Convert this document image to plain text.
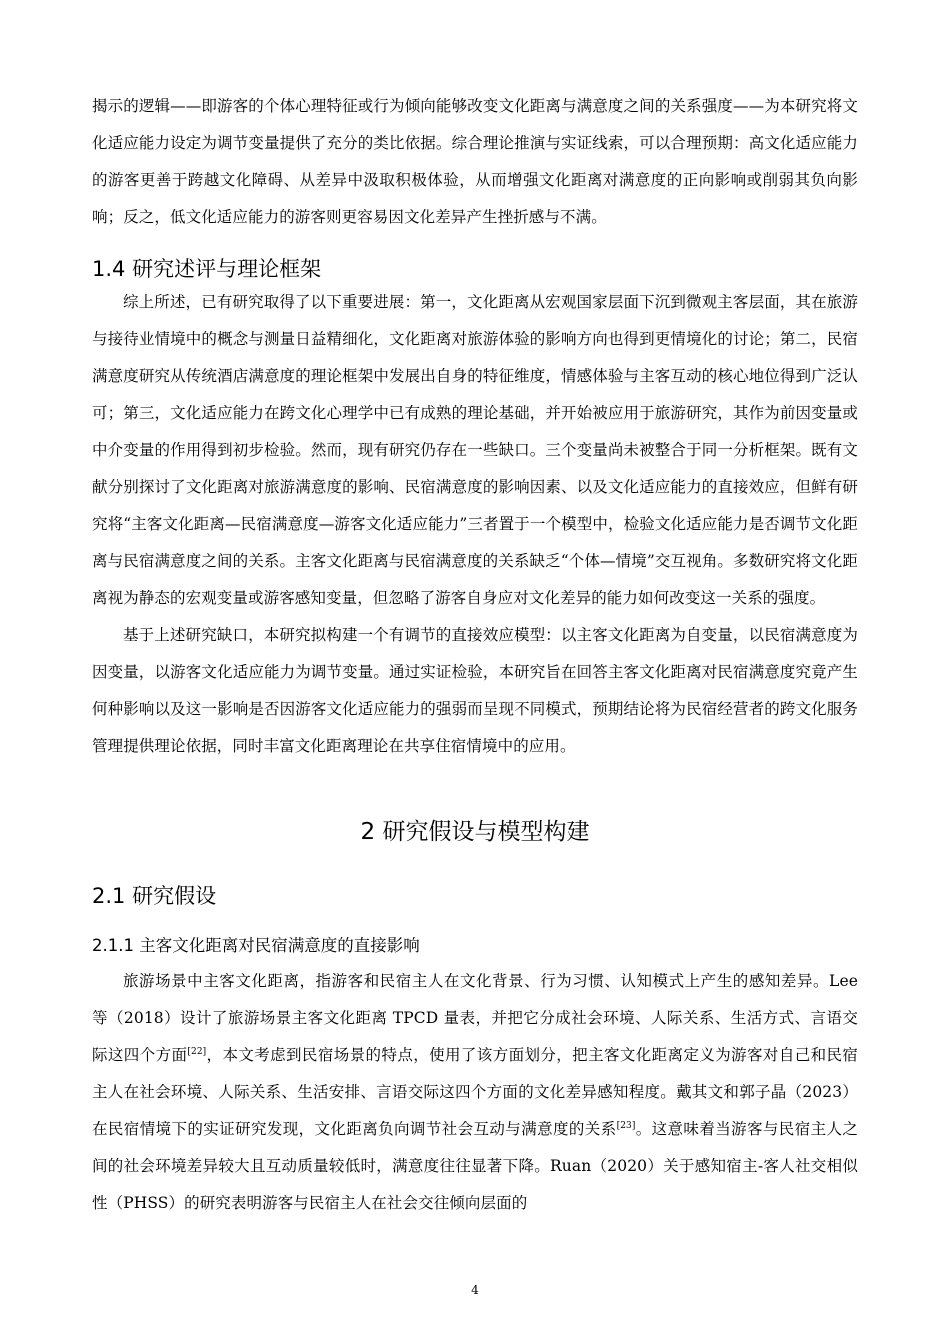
揭示的逻辑——即游客的个体心理特征或行为倾向能够改变文化距离与满意度之间的关系强度——为本研究将文化适应能力设定为调节变量提供了充分的类比依据。综合理论推演与实证线索，可以合理预期：高文化适应能力的游客更善于跨越文化障碍、从差异中汲取积极体验，从而增强文化距离对满意度的正向影响或削弱其负向影响；反之，低文化适应能力的游客则更容易因文化差异产生挫折感与不满。

1.4 研究述评与理论框架

综上所述，已有研究取得了以下重要进展：第一，文化距离从宏观国家层面下沉到微观主客层面，其在旅游与接待业情境中的概念与测量日益精细化，文化距离对旅游体验的影响方向也得到更情境化的讨论；第二，民宿满意度研究从传统酒店满意度的理论框架中发展出自身的特征维度，情感体验与主客互动的核心地位得到广泛认可；第三，文化适应能力在跨文化心理学中已有成熟的理论基础，并开始被应用于旅游研究，其作为前因变量或中介变量的作用得到初步检验。然而，现有研究仍存在一些缺口。三个变量尚未被整合于同一分析框架。既有文献分别探讨了文化距离对旅游满意度的影响、民宿满意度的影响因素、以及文化适应能力的直接效应，但鲜有研究将“主客文化距离—民宿满意度—游客文化适应能力”三者置于一个模型中，检验文化适应能力是否调节文化距离与民宿满意度之间的关系。主客文化距离与民宿满意度的关系缺乏“个体—情境”交互视角。多数研究将文化距离视为静态的宏观变量或游客感知变量，但忽略了游客自身应对文化差异的能力如何改变这一关系的强度。

基于上述研究缺口，本研究拟构建一个有调节的直接效应模型：以主客文化距离为自变量，以民宿满意度为因变量，以游客文化适应能力为调节变量。通过实证检验，本研究旨在回答主客文化距离对民宿满意度究竟产生何种影响以及这一影响是否因游客文化适应能力的强弱而呈现不同模式，预期结论将为民宿经营者的跨文化服务管理提供理论依据，同时丰富文化距离理论在共享住宿情境中的应用。

2 研究假设与模型构建
2.1 研究假设
2.1.1 主客文化距离对民宿满意度的直接影响

旅游场景中主客文化距离，指游客和民宿主人在文化背景、行为习惯、认知模式上产生的感知差异。Lee 等（2018）设计了旅游场景主客文化距离 TPCD 量表，并把它分成社会环境、人际关系、生活方式、言语交际这四个方面[22]，本文考虑到民宿场景的特点，使用了该方面划分，把主客文化距离定义为游客对自己和民宿主人在社会环境、人际关系、生活安排、言语交际这四个方面的文化差异感知程度。戴其文和郭子晶（2023）在民宿情境下的实证研究发现，文化距离负向调节社会互动与满意度的关系[23]。这意味着当游客与民宿主人之间的社会环境差异较大且互动质量较低时，满意度往往显著下降。Ruan（2020）关于感知宿主-客人社交相似性（PHSS）的研究表明游客与民宿主人在社会交往倾向层面的

4
